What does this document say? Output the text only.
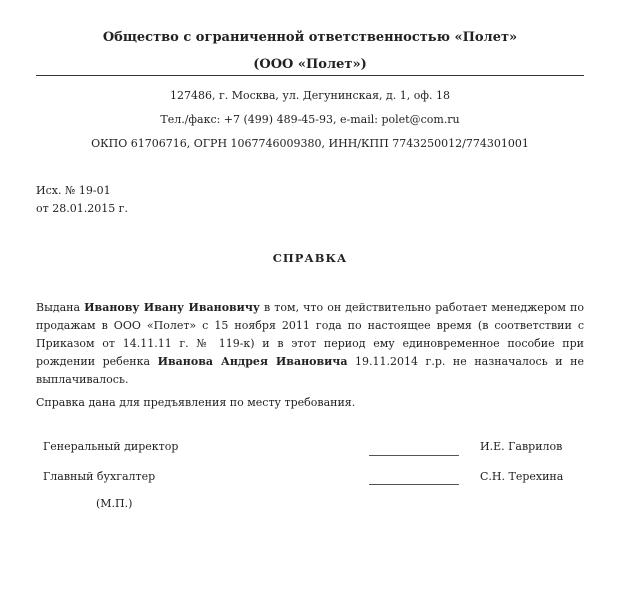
Общество с ограниченной ответственностью «Полет»
(ООО «Полет»)
127486, г. Москва, ул. Дегунинская, д. 1, оф. 18
Тел./факс: +7 (499) 489-45-93, e-mail: polet@com.ru
ОКПО 61706716, ОГРН 1067746009380, ИНН/КПП 7743250012/774301001
Исх. № 19-01
от 28.01.2015 г.
СПРАВКА
Выдана Иванову Ивану Ивановичу в том, что он действительно работает менеджером по продажам в ООО «Полет» с 15 ноября 2011 года по настоящее время (в соответствии с Приказом от 14.11.11 г. № 119-к) и в этот период ему единовременное пособие при рождении ребенка Иванова Андрея Ивановича 19.11.2014 г.р. не назначалось и не выплачивалось.
Справка дана для предъявления по месту требования.
Генеральный директор	И.Е. Гаврилов
Главный бухгалтер	С.Н. Терехина
(М.П.)
